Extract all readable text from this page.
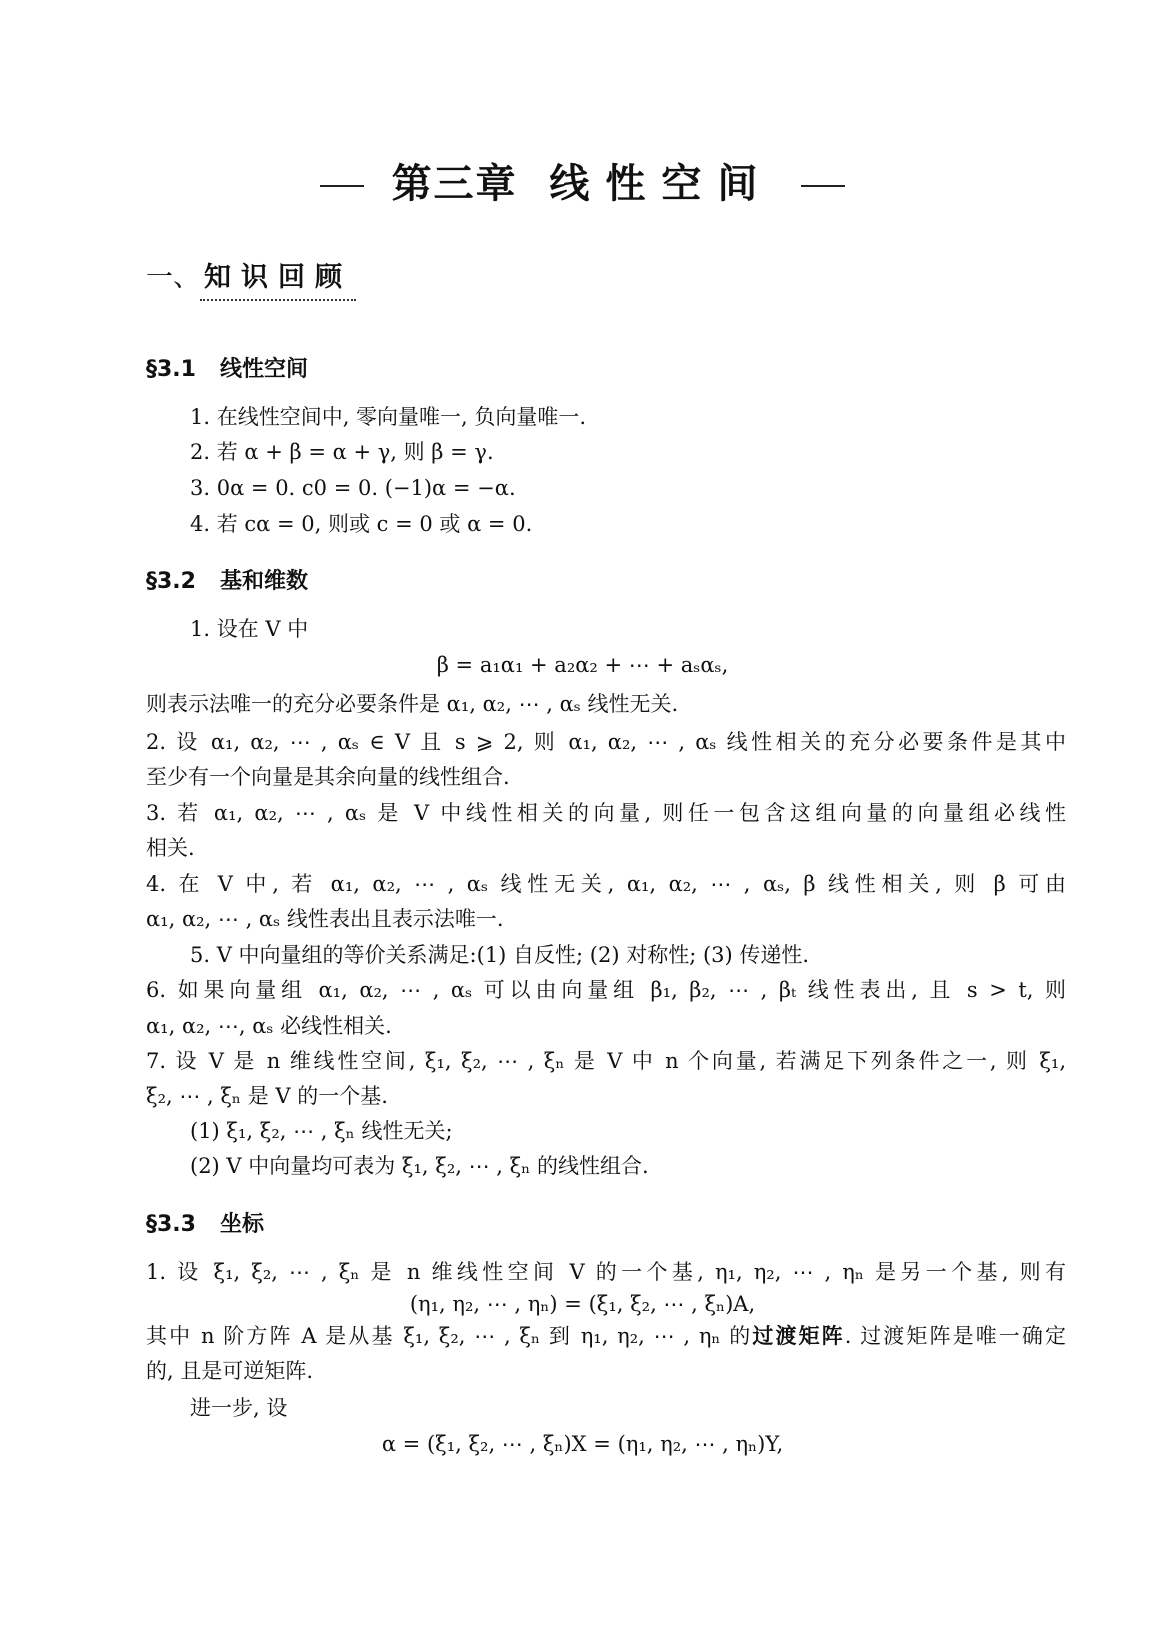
第三章 线性空间
一、 知识回顾
§3.1 线性空间
1. 在线性空间中, 零向量唯一, 负向量唯一.
2. 若 α + β = α + γ, 则 β = γ.
3. 0α = 0. c0 = 0. (−1)α = −α.
4. 若 cα = 0, 则或 c = 0 或 α = 0.
§3.2 基和维数
1. 设在 V 中
β = a₁α₁ + a₂α₂ + ⋯ + aₛαₛ,
则表示法唯一的充分必要条件是 α₁, α₂, ⋯ , αₛ 线性无关.
2. 设 α₁, α₂, ⋯ , αₛ ∈ V 且 s ⩾ 2, 则 α₁, α₂, ⋯ , αₛ 线性相关的充分必要条件是其中
至少有一个向量是其余向量的线性组合.
3. 若 α₁, α₂, ⋯ , αₛ 是 V 中线性相关的向量, 则任一包含这组向量的向量组必线性
相关.
4. 在 V 中, 若 α₁, α₂, ⋯ , αₛ 线性无关, α₁, α₂, ⋯ , αₛ, β 线性相关, 则 β 可由
α₁, α₂, ⋯ , αₛ 线性表出且表示法唯一.
5. V 中向量组的等价关系满足:(1) 自反性; (2) 对称性; (3) 传递性.
6. 如果向量组 α₁, α₂, ⋯ , αₛ 可以由向量组 β₁, β₂, ⋯ , βₜ 线性表出, 且 s > t, 则
α₁, α₂, ⋯, αₛ 必线性相关.
7. 设 V 是 n 维线性空间, ξ₁, ξ₂, ⋯ , ξₙ 是 V 中 n 个向量, 若满足下列条件之一, 则 ξ₁,
ξ₂, ⋯ , ξₙ 是 V 的一个基.
(1) ξ₁, ξ₂, ⋯ , ξₙ 线性无关;
(2) V 中向量均可表为 ξ₁, ξ₂, ⋯ , ξₙ 的线性组合.
§3.3 坐标
1. 设 ξ₁, ξ₂, ⋯ , ξₙ 是 n 维线性空间 V 的一个基, η₁, η₂, ⋯ , ηₙ 是另一个基, 则有
(η₁, η₂, ⋯ , ηₙ) = (ξ₁, ξ₂, ⋯ , ξₙ)A,
其中 n 阶方阵 A 是从基 ξ₁, ξ₂, ⋯ , ξₙ 到 η₁, η₂, ⋯ , ηₙ 的过渡矩阵. 过渡矩阵是唯一确定
的, 且是可逆矩阵.
进一步, 设
α = (ξ₁, ξ₂, ⋯ , ξₙ)X = (η₁, η₂, ⋯ , ηₙ)Y,
